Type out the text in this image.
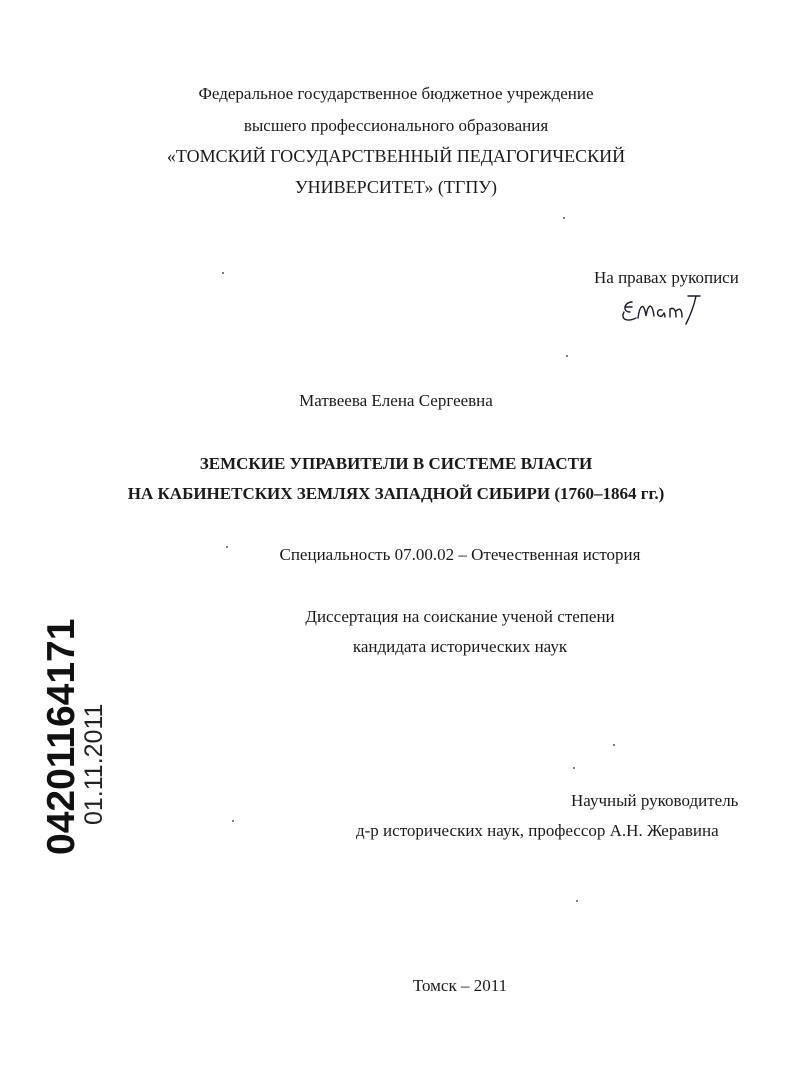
Федеральное государственное бюджетное учреждение
высшего профессионального образования
«ТОМСКИЙ ГОСУДАРСТВЕННЫЙ ПЕДАГОГИЧЕСКИЙ
УНИВЕРСИТЕТ» (ТГПУ)
На правах рукописи
Матвеева Елена Сергеевна
ЗЕМСКИЕ УПРАВИТЕЛИ В СИСТЕМЕ ВЛАСТИ
НА КАБИНЕТСКИХ ЗЕМЛЯХ ЗАПАДНОЙ СИБИРИ (1760–1864 гг.)
Специальность 07.00.02 – Отечественная история
Диссертация на соискание ученой степени
кандидата исторических наук
Научный руководитель
д-р исторических наук, профессор А.Н. Жеравина
Томск – 2011
04201164171
01.11.2011
